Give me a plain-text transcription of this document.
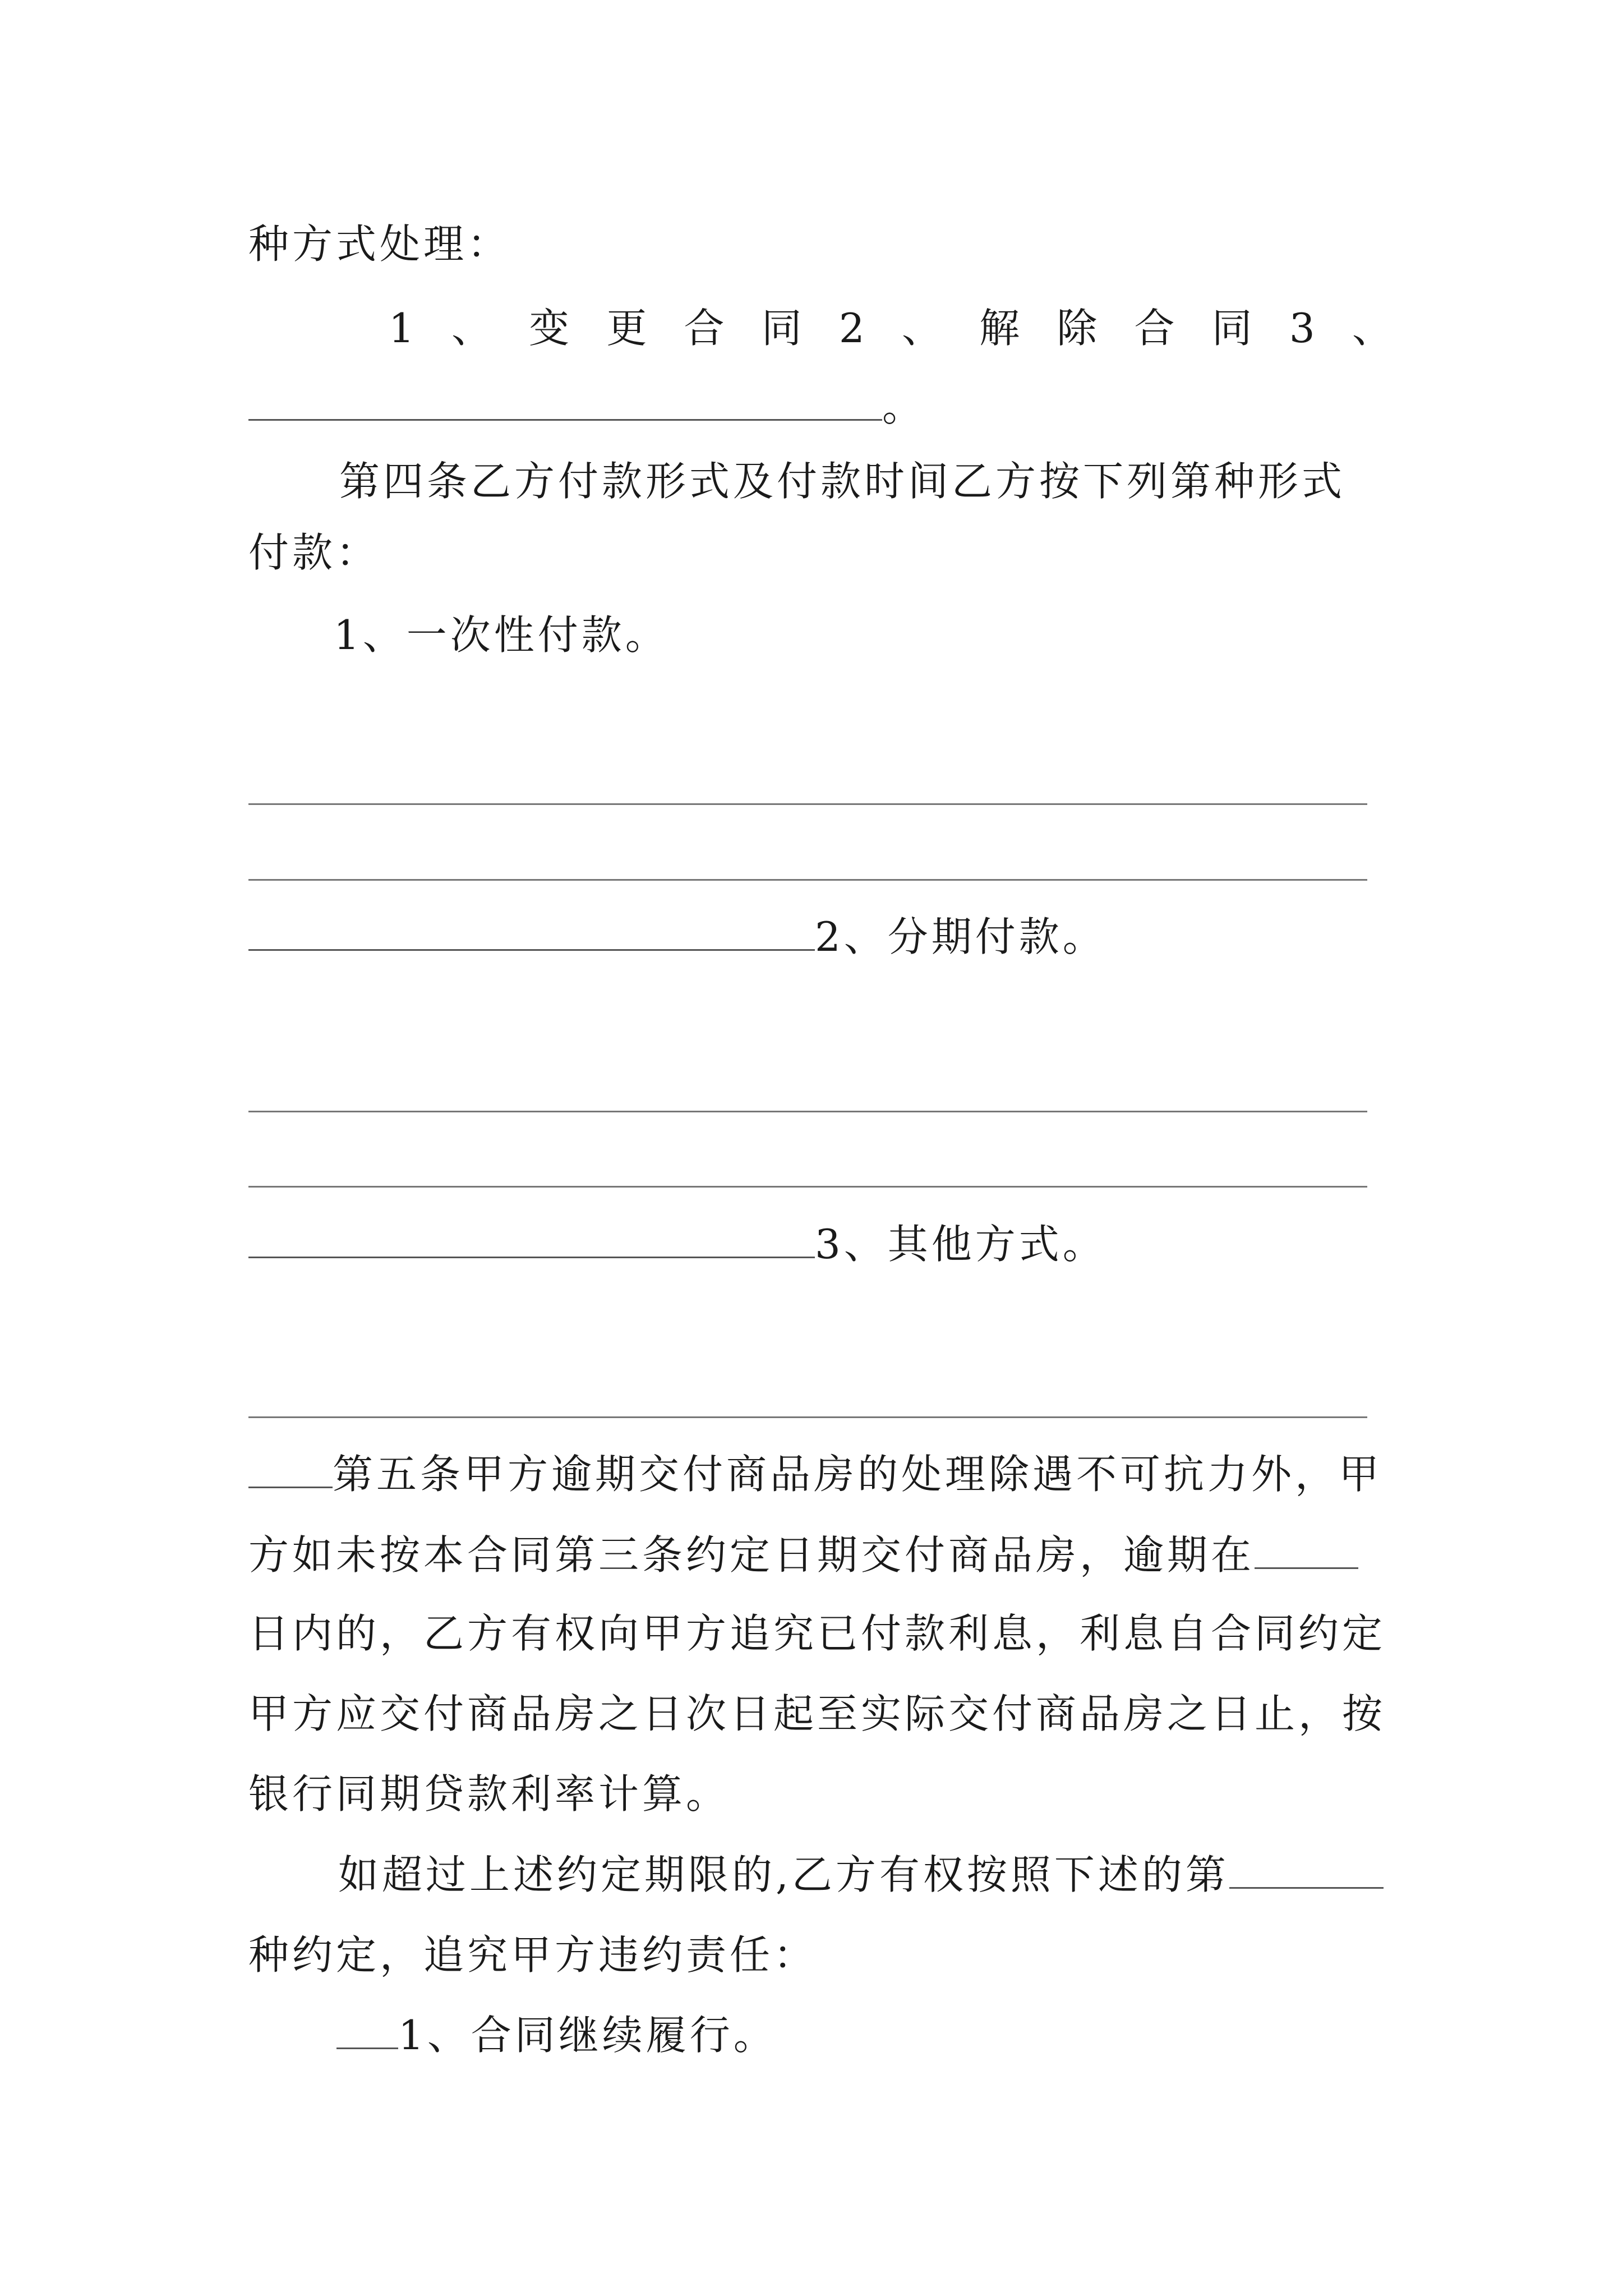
种方式处理：
1 、 变 更 合 同 2 、 解 除 合 同 3 、
。
第四条乙方付款形式及付款时间乙方按下列第种形式
付款：
1、一次性付款。
2、分期付款。
3、其他方式。
第五条甲方逾期交付商品房的处理除遇不可抗力外，甲
方如未按本合同第三条约定日期交付商品房，逾期在
日内的，乙方有权向甲方追究已付款利息，利息自合同约定
甲方应交付商品房之日次日起至实际交付商品房之日止，按
银行同期贷款利率计算。
如超过上述约定期限的,乙方有权按照下述的第
种约定，追究甲方违约责任：
1、合同继续履行。
